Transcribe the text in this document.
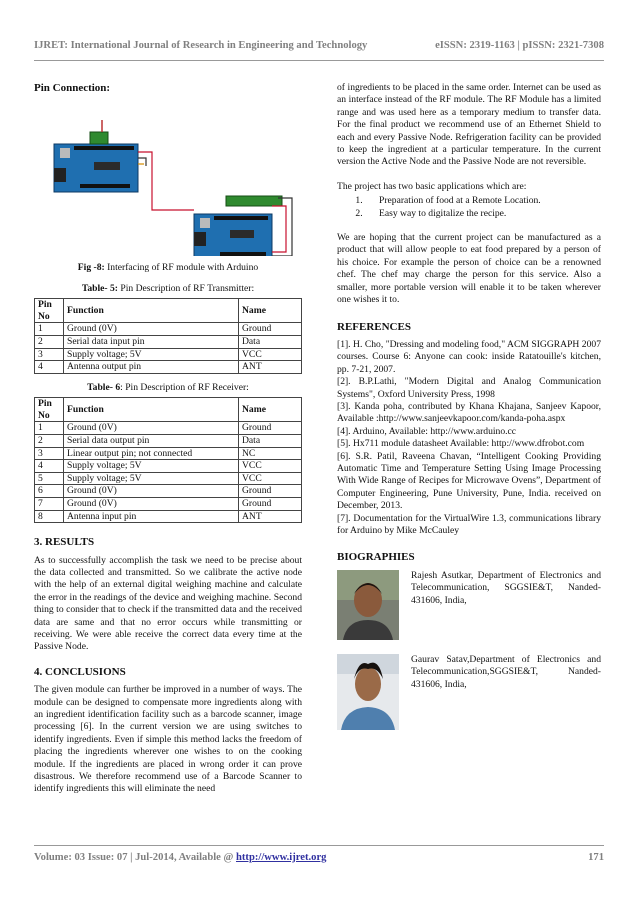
IJRET: International Journal of Research in Engineering and Technology	eISSN: 2319-1163 | pISSN: 2321-7308
Pin Connection:

Fig -8: Interfacing of RF module with Arduino

Table- 5: Pin Description of RF Transmitter:

Pin No	Function	Name
1	Ground (0V)	Ground
2	Serial data input pin	Data
3	Supply voltage; 5V	VCC
4	Antenna output pin	ANT

Table- 6: Pin Description of RF Receiver:

Pin No	Function	Name
1	Ground (0V)	Ground
2	Serial data output pin	Data
3	Linear output pin; not connected	NC
4	Supply voltage; 5V	VCC
5	Supply voltage; 5V	VCC
6	Ground (0V)	Ground
7	Ground (0V)	Ground
8	Antenna input pin	ANT
3. RESULTS

As to successfully accomplish the task we need to be precise about the data collected and transmitted. So we calibrate the active node with the help of an external digital weighing machine and calculate the error in the readings of the device and weighing machine. Second thing to consider that to check if the transmitted data and the received data are same and that no error occurs while transmitting or receiving. We were able receive the correct data every time at the Passive Node.

4. CONCLUSIONS

The given module can further be improved in a number of ways. The module can be designed to compensate more ingredients along with an ingredient identification facility such as a barcode scanner, image processing [6]. In the current version we are using switches to identify ingredients. Even if simple this method lacks the freedom of placing the ingredients wherever one wishes to on the cooking module. If the ingredients are placed in wrong order it can prove disastrous. We therefore recommend use of a Barcode Scanner to identify ingredients this will eliminate the need

of ingredients to be placed in the same order. Internet can be used as an interface instead of the RF module. The RF Module has a limited range and was used here as a temporary medium to transfer data. For the final product we recommend use of an Ethernet Shield to each and every Passive Node. Refrigeration facility can be provided to keep the ingredient at a particular temperature. In the current version the Active Node and the Passive Node are not reversible.

The project has two basic applications which are:

1. Preparation of food at a Remote Location.
2. Easy way to digitalize the recipe.

We are hoping that the current project can be manufactured as a product that will allow people to eat food prepared by a person of his choice. For example the person of choice can be a renowned chef. The chef may charge the person for this service. Also a smaller, more portable version will enable it to be taken wherever one wishes it to.

REFERENCES

[1]. H. Cho, "Dressing and modeling food," ACM SIGGRAPH 2007 courses. Course 6: Anyone can cook: inside Ratatouille's kitchen, pp. 7-21, 2007.

[2]. B.P.Lathi, "Modern Digital and Analog Communication Systems", Oxford University Press, 1998

[3]. Kanda poha, contributed by Khana Khajana, Sanjeev Kapoor, Available :http://www.sanjeevkapoor.com/kanda-poha.aspx

[4]. Arduino, Available: http://www.arduino.cc

[5]. Hx711 module datasheet Available: http://www.dfrobot.com

[6]. S.R. Patil, Raveena Chavan, “Intelligent Cooking Providing Automatic Time and Temperature Setting Using Image Processing With Wide Range of Recipes for Microwave Ovens”, Department of Computer Engineering, Pune University, Pune, India. received on December, 2013.

[7]. Documentation for the VirtualWire 1.3, communications library for Arduino by Mike McCauley

BIOGRAPHIES
Rajesh Asutkar, Department of Electronics and Telecommunication, SGGSIE&T, Nanded- 431606, India,
Gaurav Satav,Department of Electronics and Telecommunication,SGGSIE&T, Nanded- 431606, India,
Volume: 03 Issue: 07 | Jul-2014, Available @ http://www.ijret.org	171
